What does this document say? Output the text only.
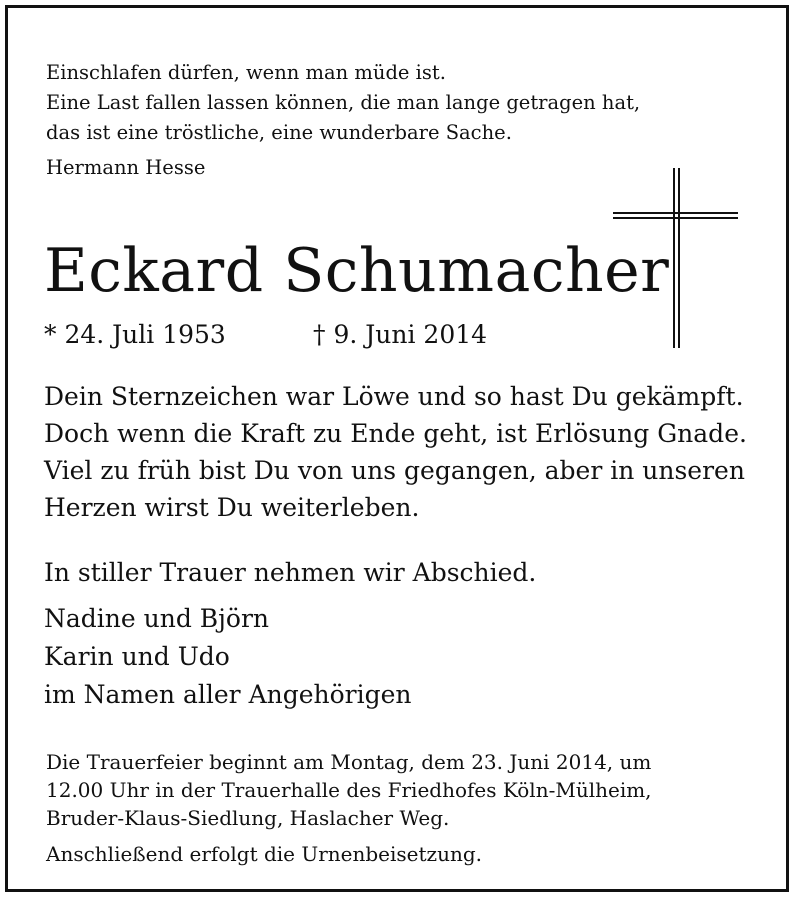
Einschlafen dürfen, wenn man müde ist.

Eine Last fallen lassen können, die man lange getragen hat,

das ist eine tröstliche, eine wunderbare Sache.

Hermann Hesse

Eckard Schumacher

* 24. Juli 1953	† 9. Juni 2014

Dein Sternzeichen war Löwe und so hast Du gekämpft.

Doch wenn die Kraft zu Ende geht, ist Erlösung Gnade.

Viel zu früh bist Du von uns gegangen, aber in unseren

Herzen wirst Du weiterleben.

In stiller Trauer nehmen wir Abschied.

Nadine und Björn

Karin und Udo

im Namen aller Angehörigen

Die Trauerfeier beginnt am Montag, dem 23. Juni 2014, um

12.00 Uhr in der Trauerhalle des Friedhofes Köln-Mülheim,

Bruder-Klaus-Siedlung, Haslacher Weg.

Anschließend erfolgt die Urnenbeisetzung.
